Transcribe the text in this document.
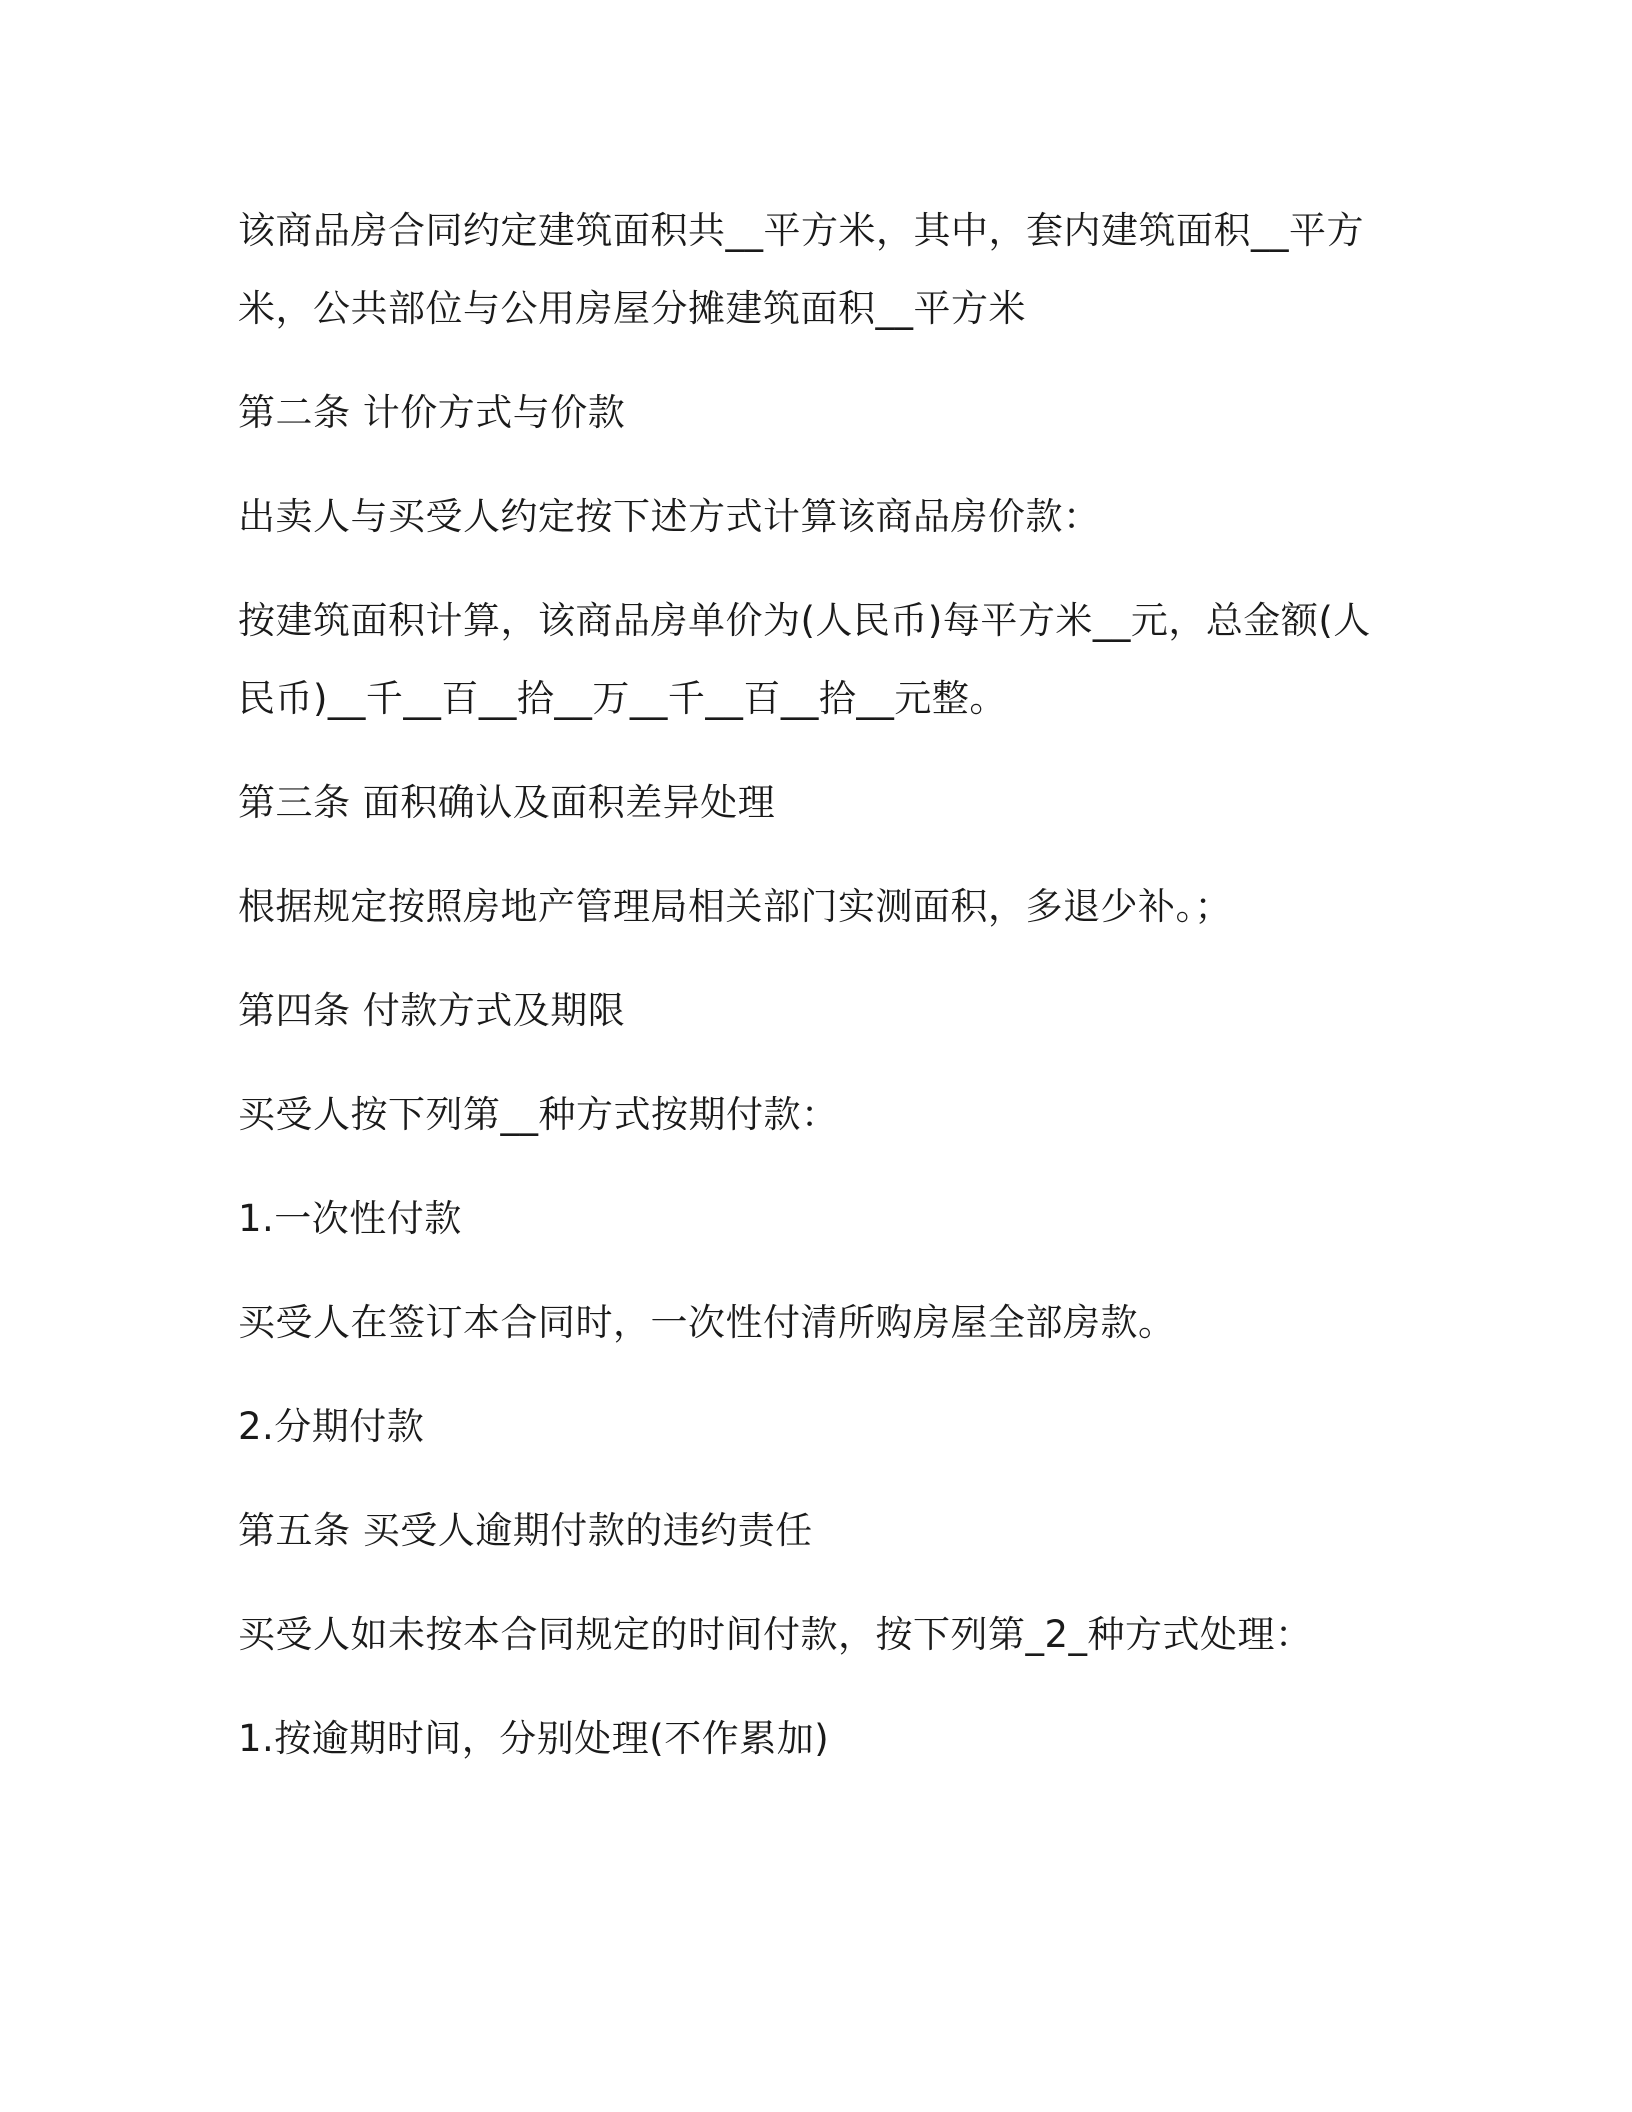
该商品房合同约定建筑面积共__平方米，其中，套内建筑面积__平方米，公共部位与公用房屋分摊建筑面积__平方米

第二条 计价方式与价款

出卖人与买受人约定按下述方式计算该商品房价款：

按建筑面积计算，该商品房单价为(人民币)每平方米__元，总金额(人民币)__千__百__拾__万__千__百__拾__元整。

第三条 面积确认及面积差异处理

根据规定按照房地产管理局相关部门实测面积，多退少补。；

第四条 付款方式及期限

买受人按下列第__种方式按期付款：

1.一次性付款

买受人在签订本合同时，一次性付清所购房屋全部房款。

2.分期付款

第五条 买受人逾期付款的违约责任

买受人如未按本合同规定的时间付款，按下列第_2_种方式处理：

1.按逾期时间，分别处理(不作累加)
